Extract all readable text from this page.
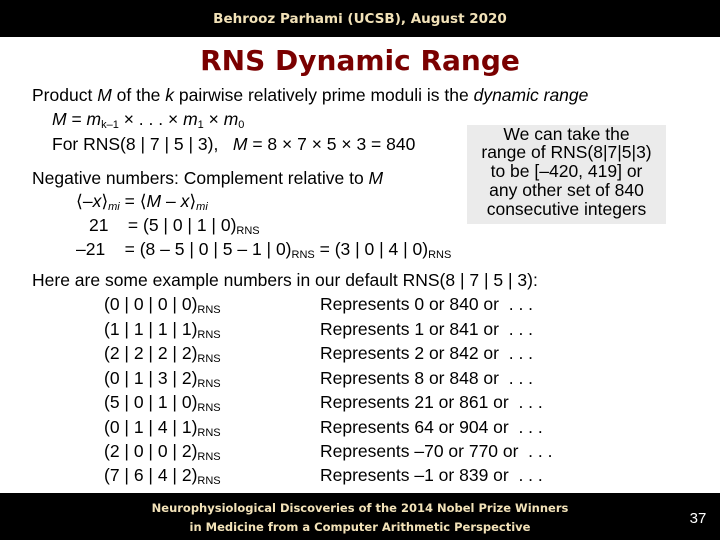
Behrooz Parhami (UCSB), August 2020
RNS Dynamic Range
Product M of the k pairwise relatively prime moduli is the dynamic range
$M = m_{k-1}$ × . . . × $m_1 \times m_0$
For RNS(8 | 7 | 5 | 3),   M = 8 × 7 × 5 × 3 = 840	We can take the
range of RNS(8|7|5|3)
to be [–420, 419] or
any other set of 840
consecutive integers
Negative numbers: Complement relative to M
$⟨-x⟩_{mi}$ = ⟨M – $x⟩_{mi}$
21    = (5 | 0 | 1 | $0)_{RNS}$
–21    = (8 – 5 | 0 | 5 – 1 | $0)_{RNS} = (3$ | 0 | 4 | $0)_{RNS}$
Here are some example numbers in our default RNS(8 | 7 | 5 | 3):
(0 | 0 | 0 | $0)_{RNS}$	Represents 0 or 840 or  . . .
(1 | 1 | 1 | $1)_{RNS}$	Represents 1 or 841 or  . . .
(2 | 2 | 2 | $2)_{RNS}$	Represents 2 or 842 or  . . .
(0 | 1 | 3 | $2)_{RNS}$	Represents 8 or 848 or  . . .
(5 | 0 | 1 | $0)_{RNS}$	Represents 21 or 861 or  . . .
(0 | 1 | 4 | $1)_{RNS}$	Represents 64 or 904 or  . . .
(2 | 0 | 0 | $2)_{RNS}$	Represents –70 or 770 or  . . .
(7 | 6 | 4 | $2)_{RNS}$	Represents –1 or 839 or  . . .
Neurophysiological Discoveries of the 2014 Nobel Prize Winners
in Medicine from a Computer Arithmetic Perspective	37
